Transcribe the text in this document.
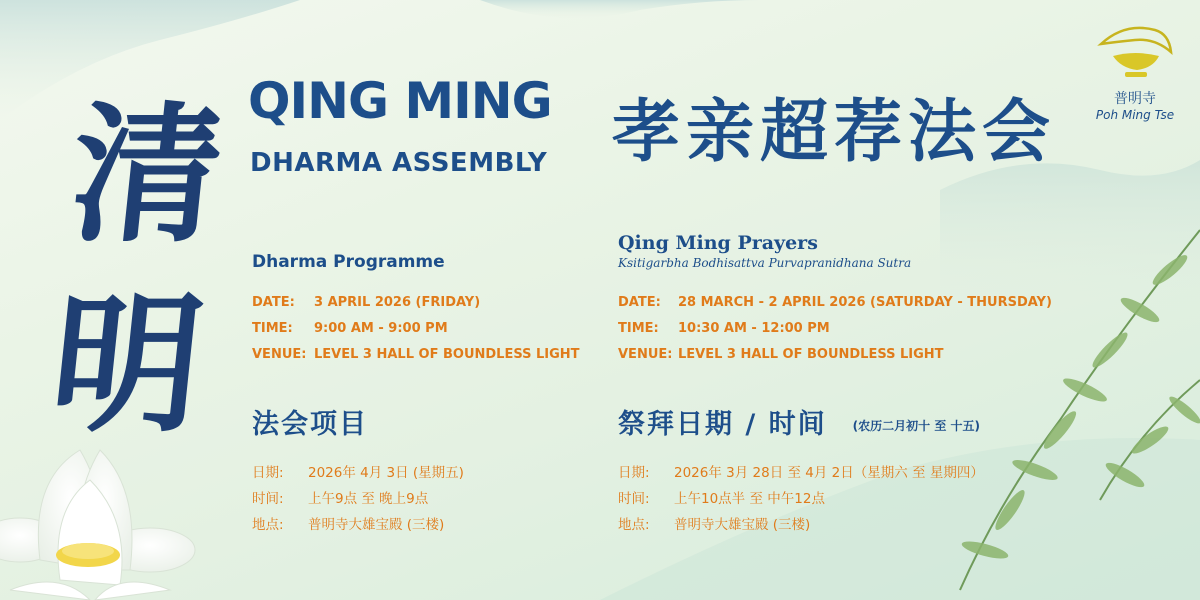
清
明
QING MING
DHARMA ASSEMBLY 孝亲超荐法会	普明寺
Poh Ming Tse
Dharma Programme
DATE: 3 APRIL 2026 (FRIDAY)
TIME: 9:00 AM - 9:00 PM
VENUE: LEVEL 3 HALL OF BOUNDLESS LIGHT
Qing Ming Prayers
Ksitigarbha Bodhisattva Purvapranidhana Sutra
DATE: 28 MARCH - 2 APRIL 2026 (SATURDAY - THURSDAY)
TIME: 10:30 AM - 12:00 PM
VENUE: LEVEL 3 HALL OF BOUNDLESS LIGHT
法会项目
日期: 2026年 4月 3日 (星期五)
时间: 上午9点 至 晚上9点
地点: 普明寺大雄宝殿 (三楼)
祭拜日期 / 时间 (农历二月初十 至 十五)
日期: 2026年 3月 28日 至 4月 2日（星期六 至 星期四）
时间: 上午10点半 至 中午12点
地点: 普明寺大雄宝殿 (三楼)
